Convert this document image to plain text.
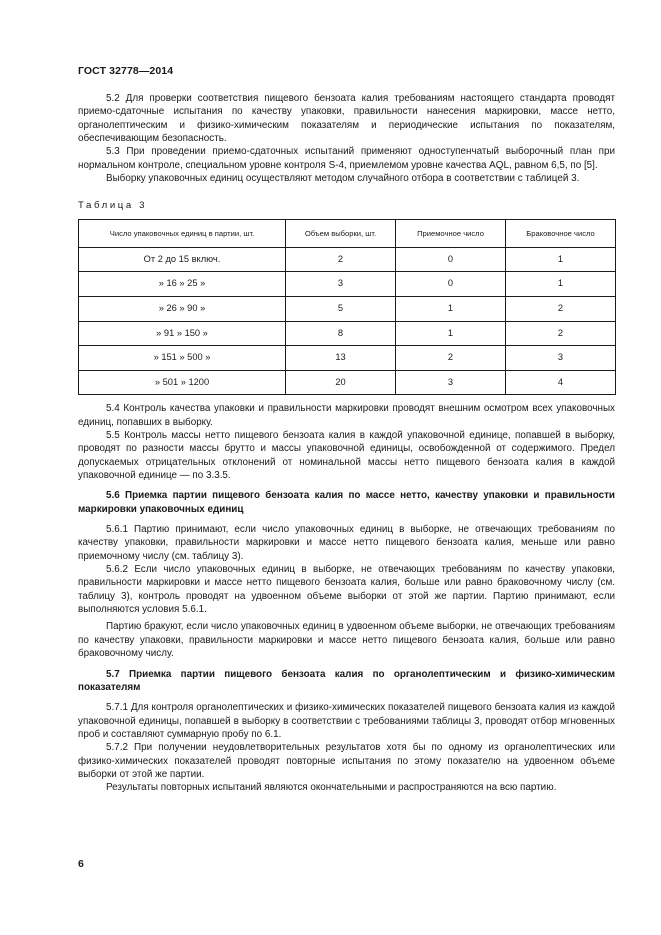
ГОСТ 32778—2014

5.2 Для проверки соответствия пищевого бензоата калия требованиям настоящего стандарта проводят приемо-сдаточные испытания по качеству упаковки, правильности нанесения маркировки, массе нетто, органолептическим и физико-химическим показателям и периодические испытания по показателям, обеспечивающим безопасность.

5.3 При проведении приемо-сдаточных испытаний применяют одноступенчатый выборочный план при нормальном контроле, специальном уровне контроля S-4, приемлемом уровне качества AQL, равном 6,5, по [5].

Выборку упаковочных единиц осуществляют методом случайного отбора в соответствии с таблицей 3.

Таблица 3
Число упаковочных единиц в партии, шт.	Объем выборки, шт.	Приемочное число	Браковочное число
От 2 до 15 включ.	2	0	1
» 16 » 25 »	3	0	1
» 26 » 90 »	5	1	2
» 91 » 150 »	8	1	2
» 151 » 500 »	13	2	3
» 501 » 1200	20	3	4

5.4 Контроль качества упаковки и правильности маркировки проводят внешним осмотром всех упаковочных единиц, попавших в выборку.

5.5 Контроль массы нетто пищевого бензоата калия в каждой упаковочной единице, попавшей в выборку, проводят по разности массы брутто и массы упаковочной единицы, освобожденной от содержимого. Предел допускаемых отрицательных отклонений от номинальной массы нетто пищевого бензоата калия в каждой упаковочной единице — по 3.3.5.

5.6 Приемка партии пищевого бензоата калия по массе нетто, качеству упаковки и правильности маркировки упаковочных единиц

5.6.1 Партию принимают, если число упаковочных единиц в выборке, не отвечающих требованиям по качеству упаковки, правильности маркировки и массе нетто пищевого бензоата калия, меньше или равно приемочному числу (см. таблицу 3).

5.6.2 Если число упаковочных единиц в выборке, не отвечающих требованиям по качеству упаковки, правильности маркировки и массе нетто пищевого бензоата калия, больше или равно браковочному числу (см. таблицу 3), контроль проводят на удвоенном объеме выборки от этой же партии. Партию принимают, если выполняются условия 5.6.1.

Партию бракуют, если число упаковочных единиц в удвоенном объеме выборки, не отвечающих требованиям по качеству упаковки, правильности маркировки и массе нетто пищевого бензоата калия, больше или равно браковочному числу.

5.7 Приемка партии пищевого бензоата калия по органолептическим и физико-химическим показателям

5.7.1 Для контроля органолептических и физико-химических показателей пищевого бензоата калия из каждой упаковочной единицы, попавшей в выборку в соответствии с требованиями таблицы 3, проводят отбор мгновенных проб и составляют суммарную пробу по 6.1.

5.7.2 При получении неудовлетворительных результатов хотя бы по одному из органолептических или физико-химических показателей проводят повторные испытания по этому показателю на удвоенном объеме выборки от этой же партии.

Результаты повторных испытаний являются окончательными и распространяются на всю партию.

6
